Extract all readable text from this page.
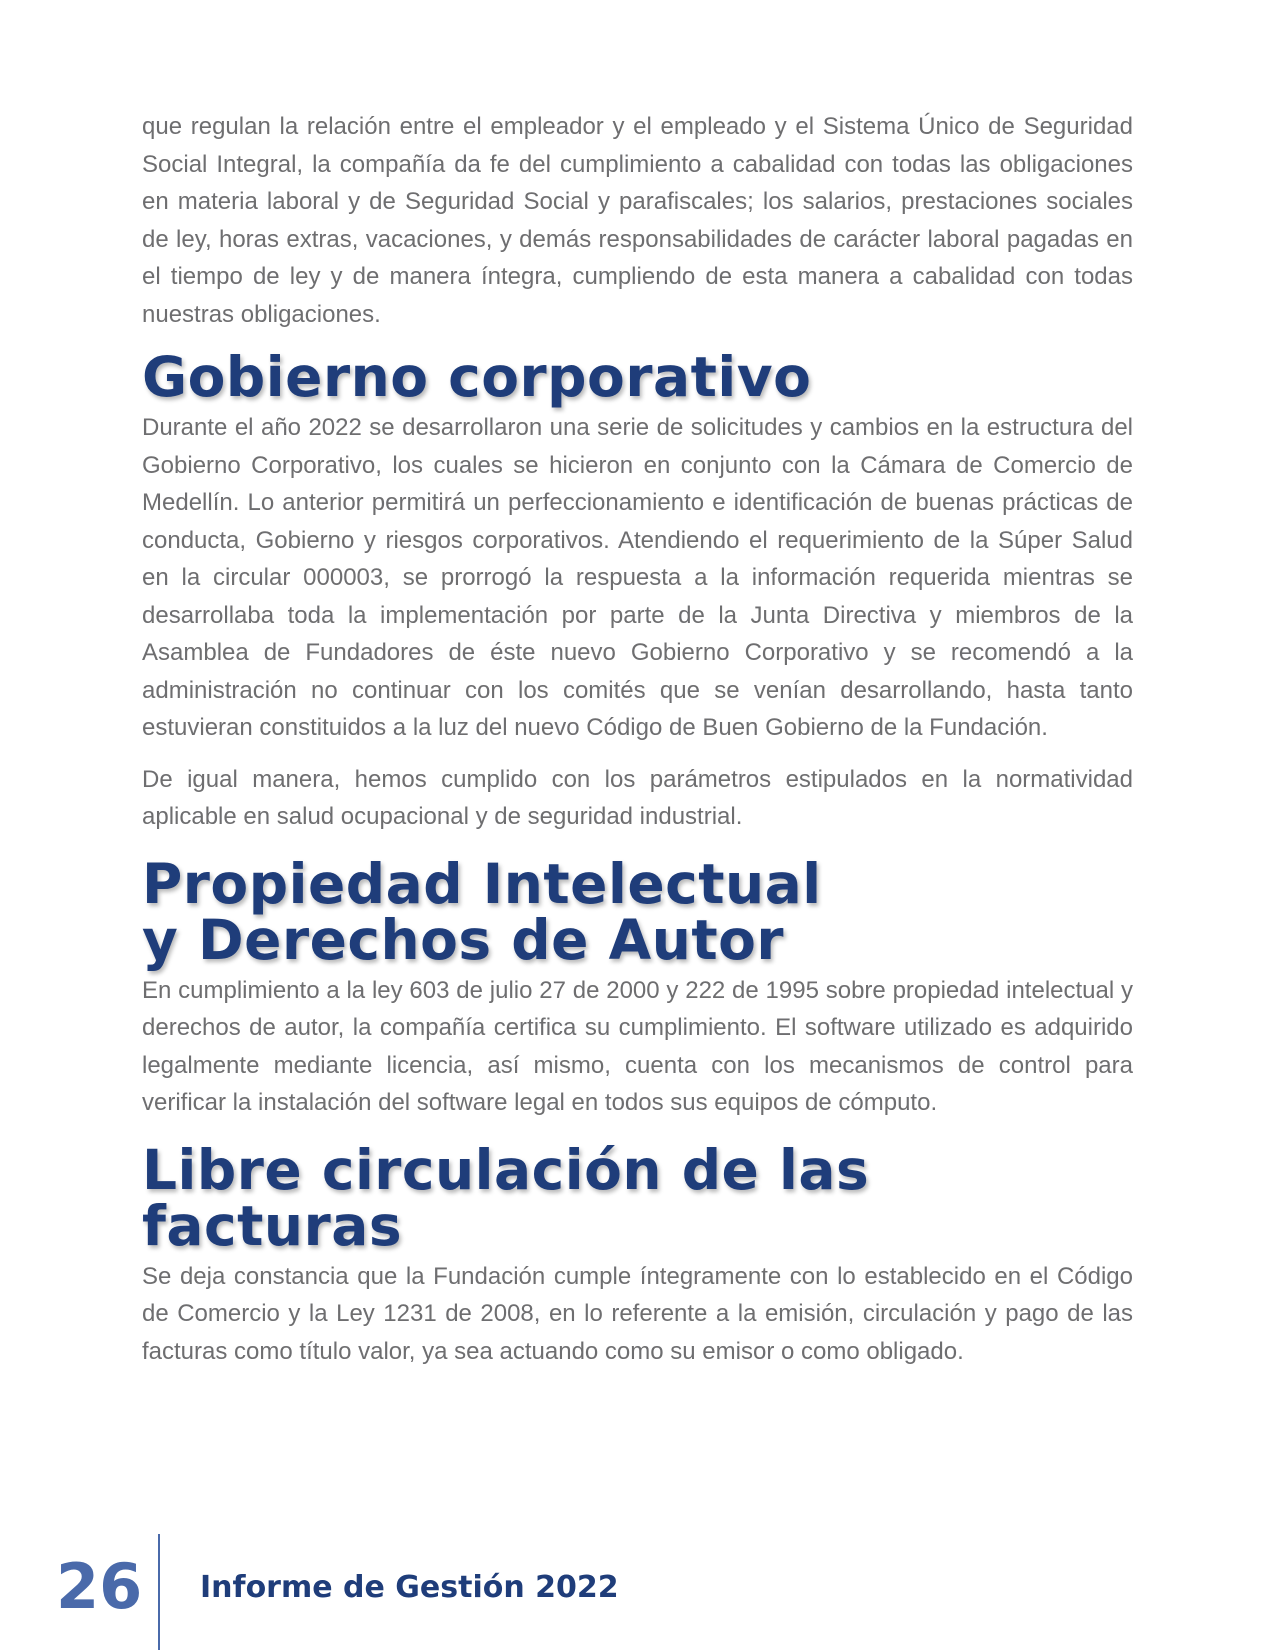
que regulan la relación entre el empleador y el empleado y el Sistema Único de Seguridad Social Integral, la compañía da fe del cumplimiento a cabalidad con todas las obligaciones en materia laboral y de Seguridad Social y parafiscales; los salarios, prestaciones sociales de ley, horas extras, vacaciones, y demás responsabilidades de carácter laboral pagadas en el tiempo de ley y de manera íntegra, cumpliendo de esta manera a cabalidad con todas nuestras obligaciones.

Gobierno corporativo

Durante el año 2022 se desarrollaron una serie de solicitudes y cambios en la estructura del Gobierno Corporativo, los cuales se hicieron en conjunto con la Cámara de Comercio de Medellín. Lo anterior permitirá un perfeccionamiento e identificación de buenas prácticas de conducta, Gobierno y riesgos corporativos. Atendiendo el requerimiento de la Súper Salud en la circular 000003, se prorrogó la respuesta a la información requerida mientras se desarrollaba toda la implementación por parte de la Junta Directiva y miembros de la Asamblea de Fundadores de éste nuevo Gobierno Corporativo y se recomendó a la administración no continuar con los comités que se venían desarrollando, hasta tanto estuvieran constituidos a la luz del nuevo Código de Buen Gobierno de la Fundación.

De igual manera, hemos cumplido con los parámetros estipulados en la normatividad aplicable en salud ocupacional y de seguridad industrial.

Propiedad Intelectual
y Derechos de Autor

En cumplimiento a la ley 603 de julio 27 de 2000 y 222 de 1995 sobre propiedad intelectual y derechos de autor, la compañía certifica su cumplimiento. El software utilizado es adquirido legalmente mediante licencia, así mismo, cuenta con los mecanismos de control para verificar la instalación del software legal en todos sus equipos de cómputo.

Libre circulación de las facturas

Se deja constancia que la Fundación cumple íntegramente con lo establecido en el Código de Comercio y la Ley 1231 de 2008, en lo referente a la emisión, circulación y pago de las facturas como título valor, ya sea actuando como su emisor o como obligado.

26 Informe de Gestión 2022
